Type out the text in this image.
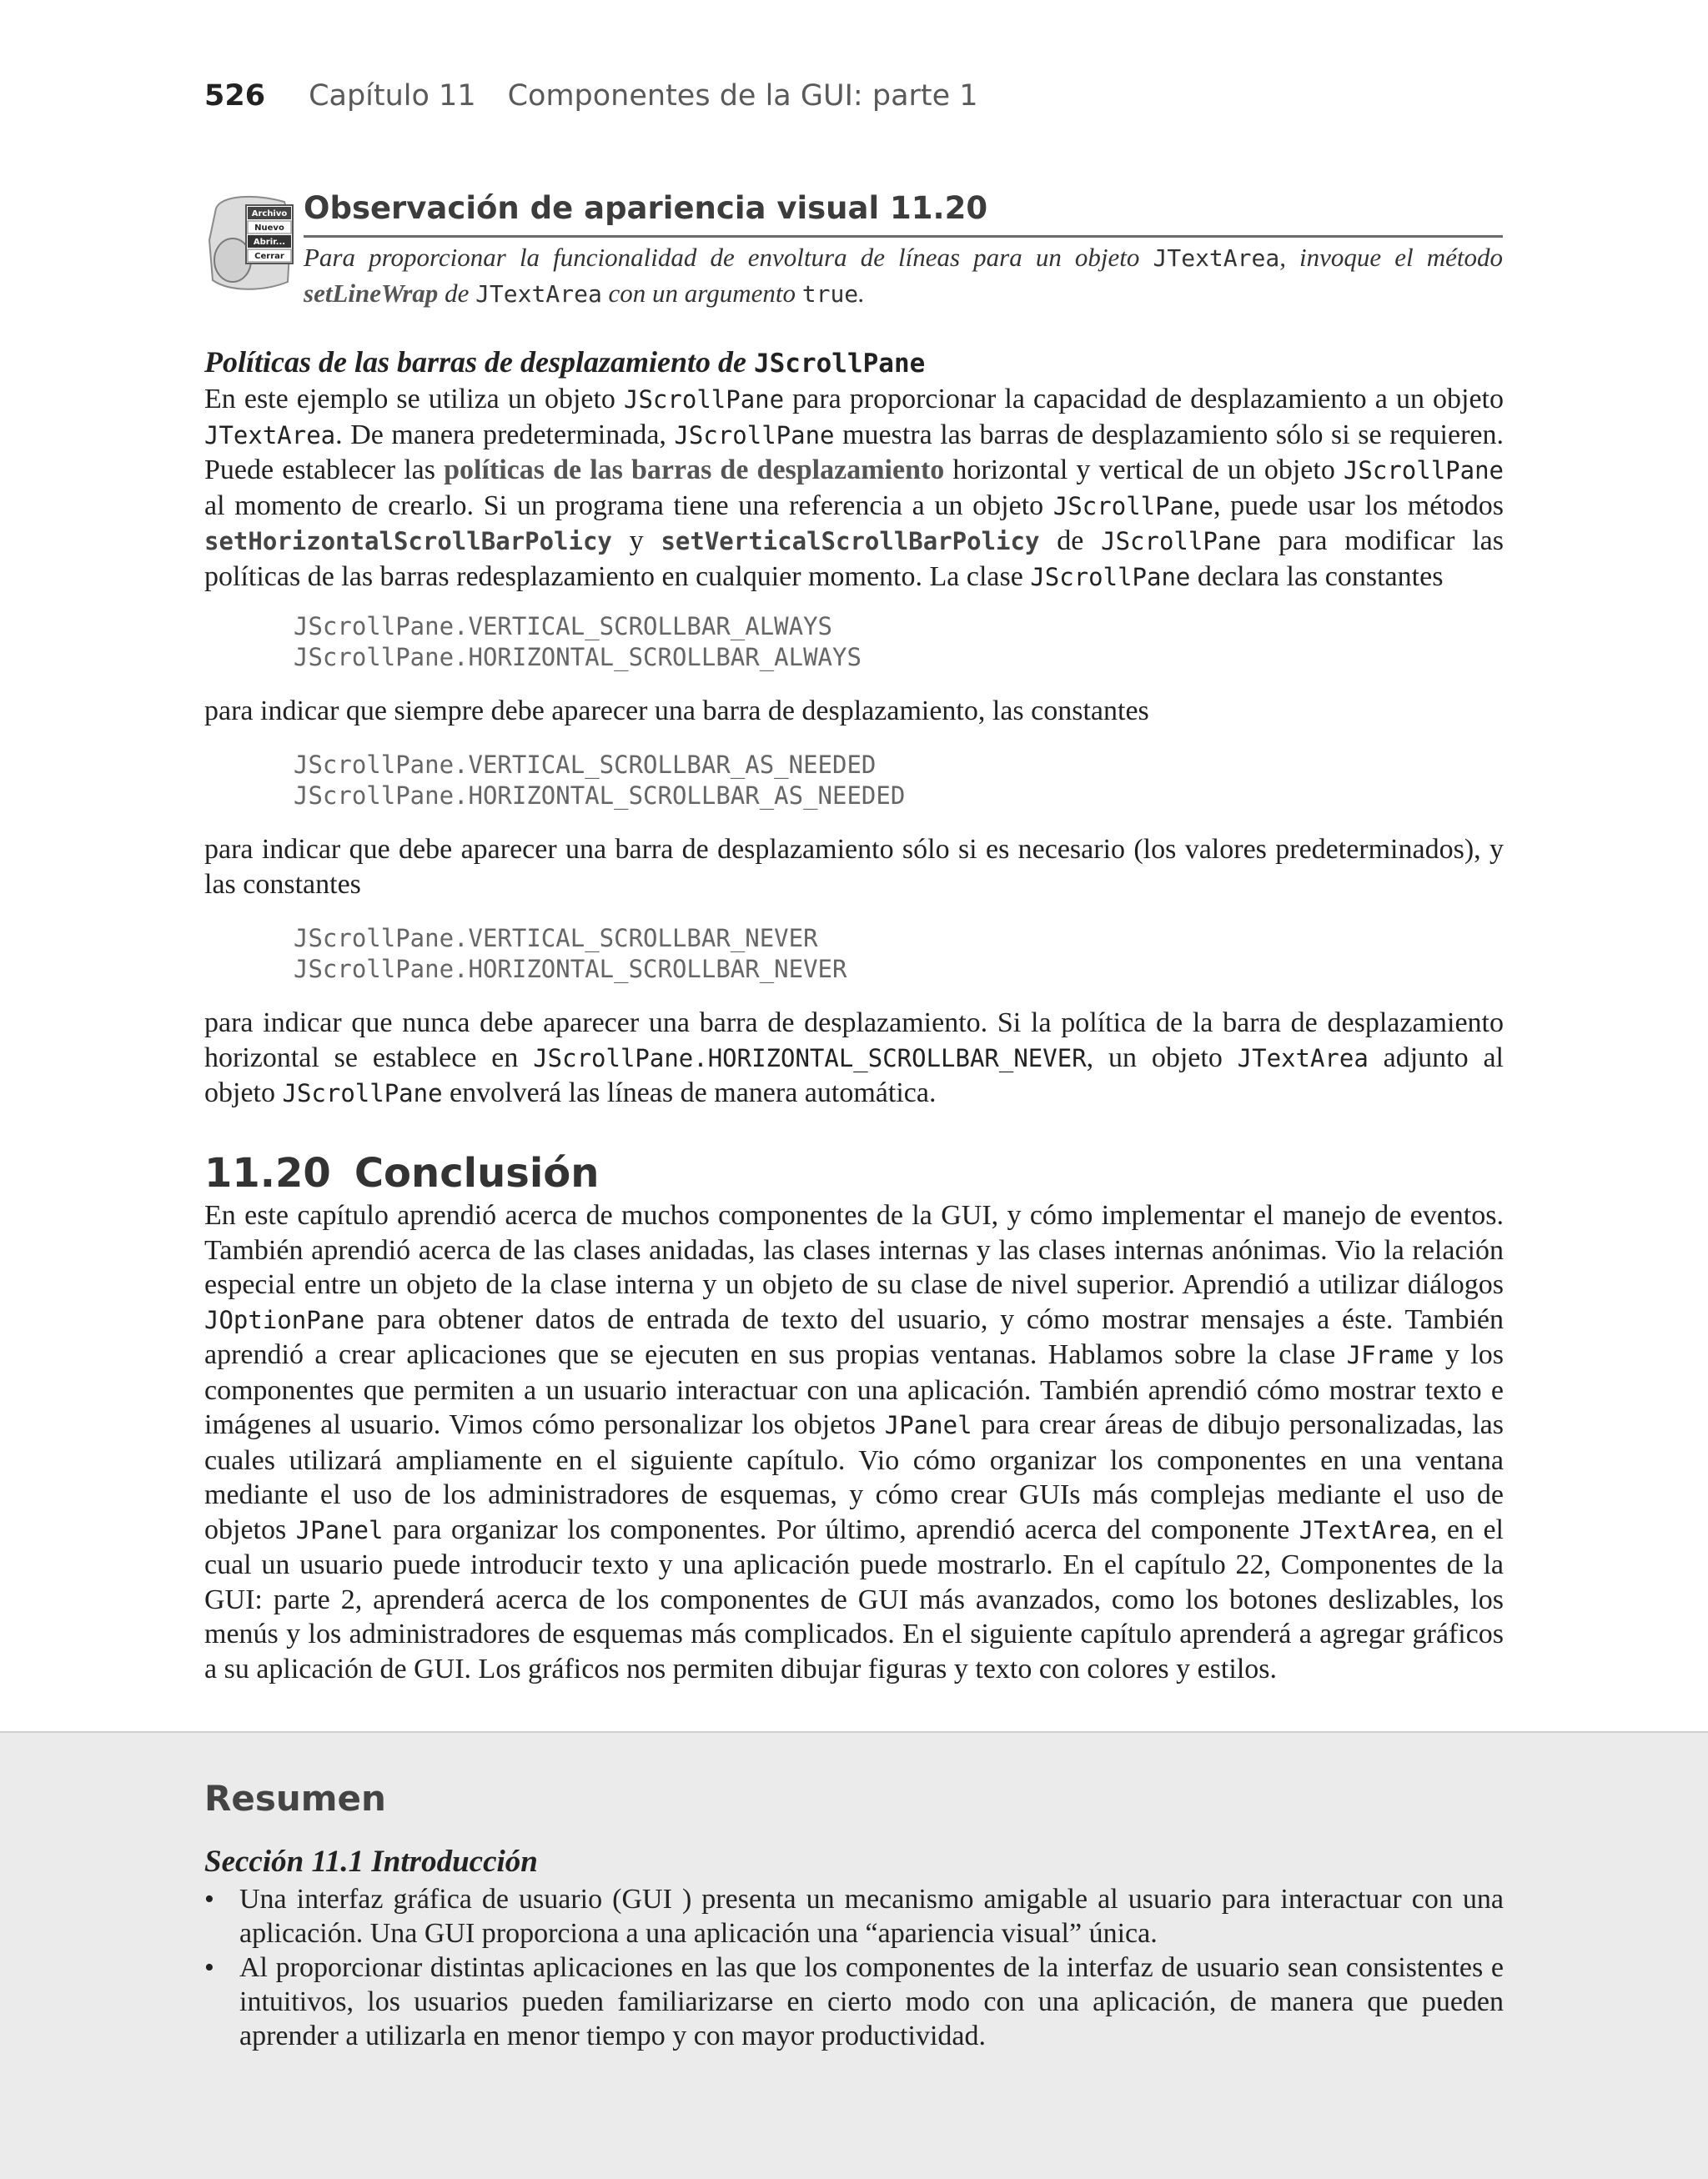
526 Capítulo 11 Componentes de la GUI: parte 1
Archivo
Nuevo
Abrir...
Cerrar
Observación de apariencia visual 11.20
Para proporcionar la funcionalidad de envoltura de líneas para un objeto JTextArea, invoque el método setLineWrap de JTextArea con un argumento true.
Políticas de las barras de desplazamiento de JScrollPane
En este ejemplo se utiliza un objeto JScrollPane para proporcionar la capacidad de desplazamiento a un objeto JTextArea. De manera predeterminada, JScrollPane muestra las barras de desplazamiento sólo si se requieren. Puede establecer las políticas de las barras de desplazamiento horizontal y vertical de un objeto JScrollPane al momento de crearlo. Si un programa tiene una referencia a un objeto JScrollPane, puede usar los métodos setHorizontalScrollBarPolicy y setVerticalScrollBarPolicy de JScrollPane para modificar las políticas de las barras redesplazamiento en cualquier momento. La clase JScrollPane declara las constantes
JScrollPane.VERTICAL_SCROLLBAR_ALWAYS
JScrollPane.HORIZONTAL_SCROLLBAR_ALWAYS
para indicar que siempre debe aparecer una barra de desplazamiento, las constantes
JScrollPane.VERTICAL_SCROLLBAR_AS_NEEDED
JScrollPane.HORIZONTAL_SCROLLBAR_AS_NEEDED
para indicar que debe aparecer una barra de desplazamiento sólo si es necesario (los valores predeterminados), y las constantes
JScrollPane.VERTICAL_SCROLLBAR_NEVER
JScrollPane.HORIZONTAL_SCROLLBAR_NEVER
para indicar que nunca debe aparecer una barra de desplazamiento. Si la política de la barra de desplazamiento horizontal se establece en JScrollPane.HORIZONTAL_SCROLLBAR_NEVER, un objeto JTextArea adjunto al objeto JScrollPane envolverá las líneas de manera automática.
11.20 Conclusión
En este capítulo aprendió acerca de muchos componentes de la GUI, y cómo implementar el manejo de eventos. También aprendió acerca de las clases anidadas, las clases internas y las clases internas anónimas. Vio la relación especial entre un objeto de la clase interna y un objeto de su clase de nivel superior. Aprendió a utilizar diálogos JOptionPane para obtener datos de entrada de texto del usuario, y cómo mostrar mensajes a éste. También aprendió a crear aplicaciones que se ejecuten en sus propias ventanas. Hablamos sobre la clase JFrame y los componentes que permiten a un usuario interactuar con una aplicación. También aprendió cómo mostrar texto e imágenes al usuario. Vimos cómo personalizar los objetos JPanel para crear áreas de dibujo personalizadas, las cuales utilizará ampliamente en el siguiente capítulo. Vio cómo organizar los componentes en una ventana mediante el uso de los administradores de esquemas, y cómo crear GUIs más complejas mediante el uso de objetos JPanel para organizar los componentes. Por último, aprendió acerca del componente JTextArea, en el cual un usuario puede introducir texto y una aplicación puede mostrarlo. En el capítulo 22, Componentes de la GUI: parte 2, aprenderá acerca de los componentes de GUI más avanzados, como los botones deslizables, los menús y los administradores de esquemas más complicados. En el siguiente capítulo aprenderá a agregar gráficos a su aplicación de GUI. Los gráficos nos permiten dibujar figuras y texto con colores y estilos.
Resumen
Sección 11.1 Introducción
• Una interfaz gráfica de usuario (GUI ) presenta un mecanismo amigable al usuario para interactuar con una aplicación. Una GUI proporciona a una aplicación una “apariencia visual” única.
• Al proporcionar distintas aplicaciones en las que los componentes de la interfaz de usuario sean consistentes e intuitivos, los usuarios pueden familiarizarse en cierto modo con una aplicación, de manera que pueden aprender a utilizarla en menor tiempo y con mayor productividad.
